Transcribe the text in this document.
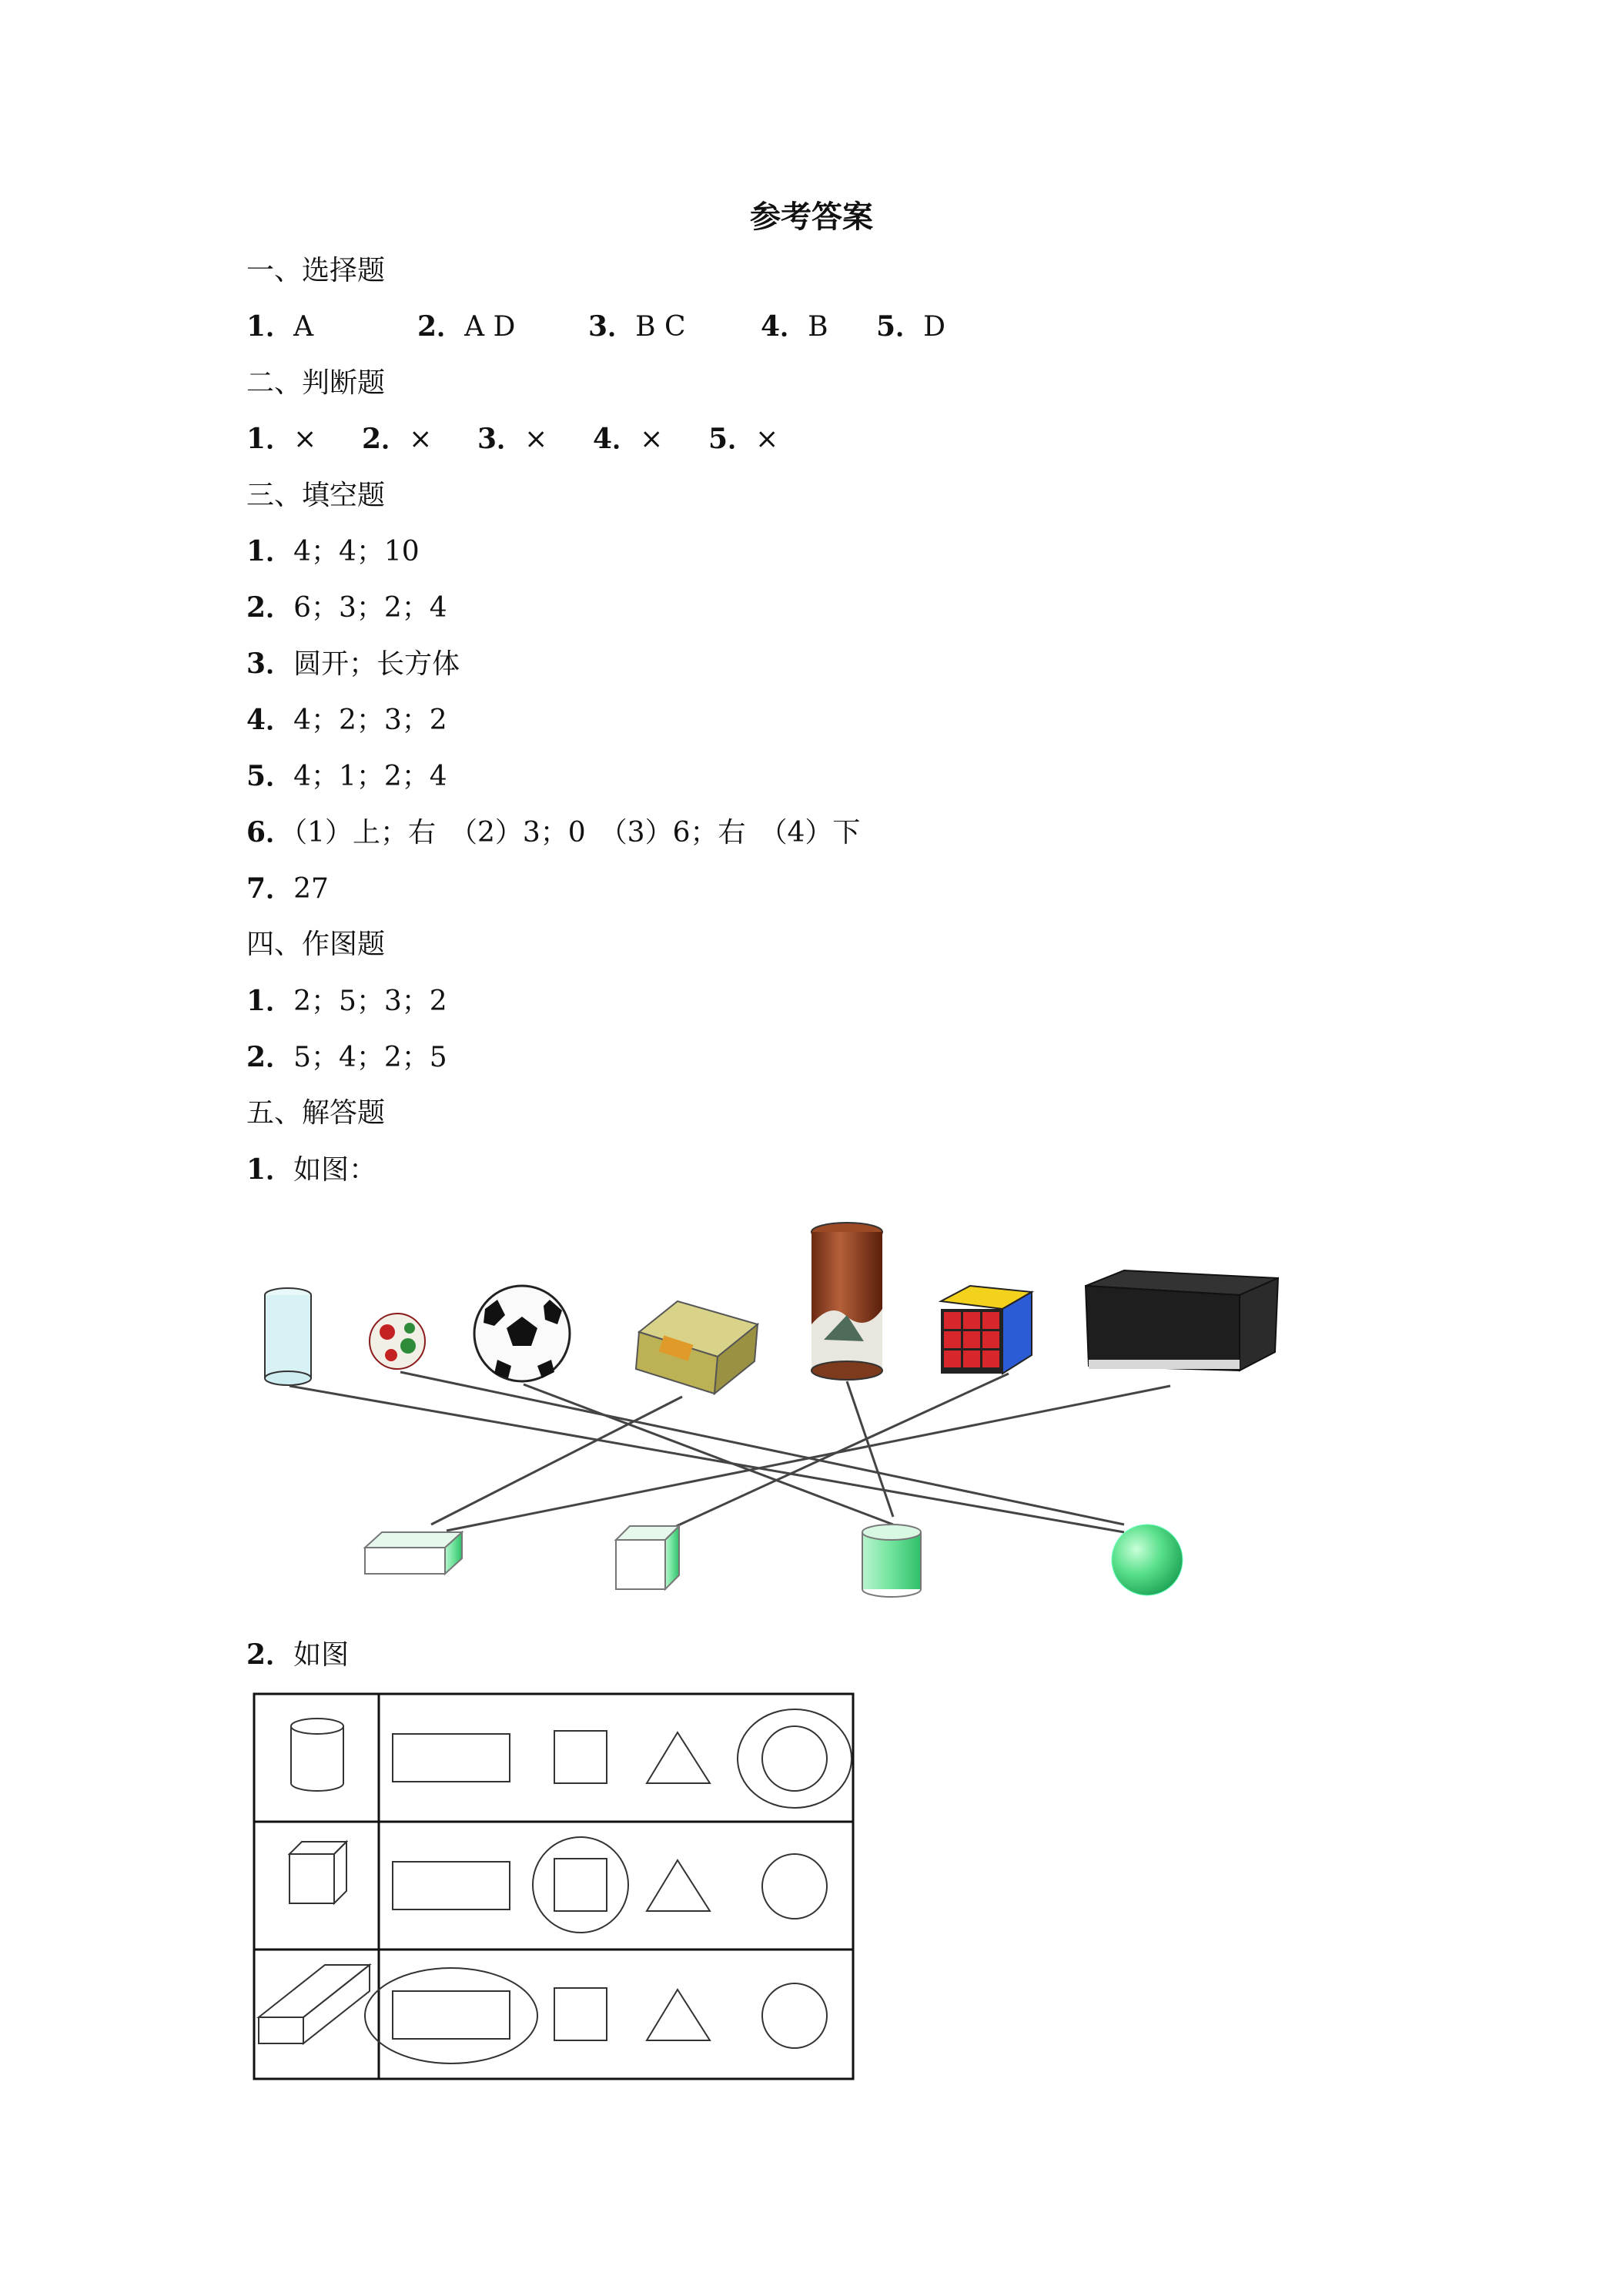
参考答案
一、选择题
1．A	2．A D	3．B C	4．B 5．D
二、判断题
1．× 2．× 3．× 4．× 5．×
三、填空题
1．4；4；10
2．6；3；2；4
3．圆开；长方体
4．4；2；3；2
5．4；1；2；4
6．（1）上；右　（2）3；0　（3）6；右　（4）下
7．27
四、作图题
1．2；5；3；2
2．5；4；2；5
五、解答题
1．如图：
2．如图
